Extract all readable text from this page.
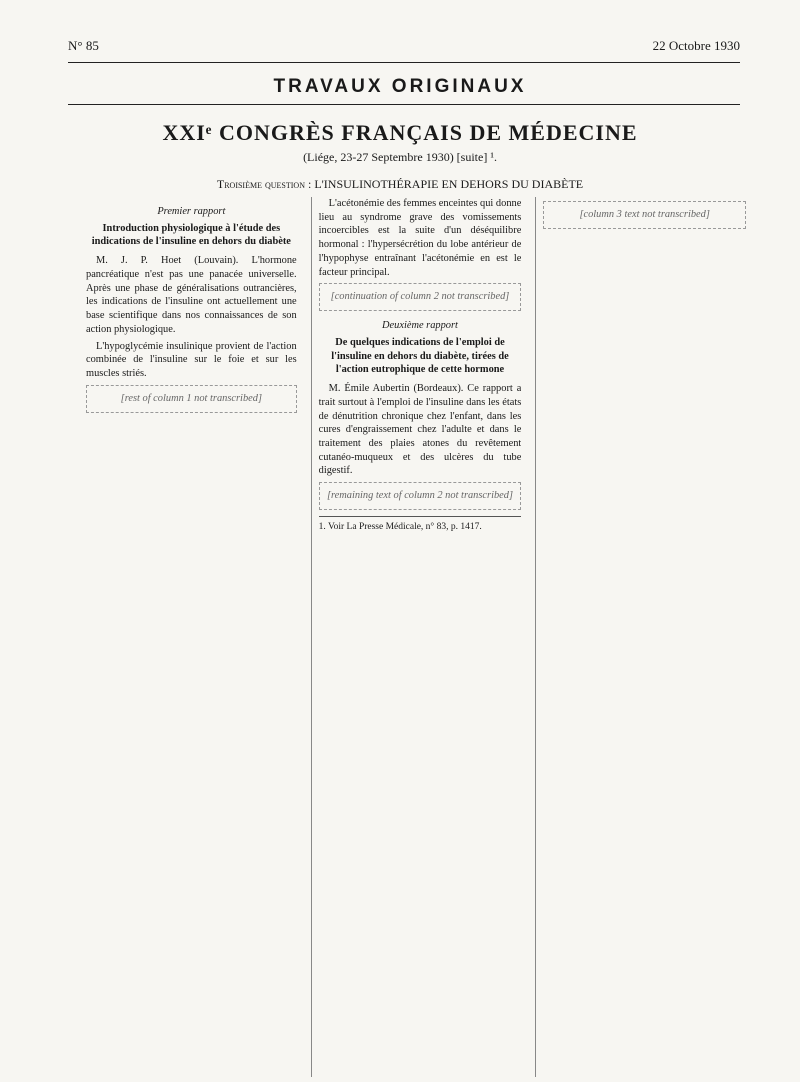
N° 85	22 Octobre 1930
TRAVAUX ORIGINAUX
XXIᵉ CONGRÈS FRANÇAIS DE MÉDECINE
(Liége, 23-27 Septembre 1930) [suite] ¹.
Troisième question : L'INSULINOTHÉRAPIE EN DEHORS DU DIABÈTE
Premier rapport
Introduction physiologique à l'étude des indications de l'insuline en dehors du diabète

M. J. P. Hoet (Louvain). L'hormone pancréatique n'est pas une panacée universelle. Après une phase de généralisations outrancières, les indications de l'insuline ont actuellement une base scientifique dans nos connaissances de son action physiologique.

L'hypoglycémie insulinique provient de l'action combinée de l'insuline sur le foie et sur les muscles striés.

[rest of column 1 not transcribed]

L'acétonémie des femmes enceintes qui donne lieu au syndrome grave des vomissements incoercibles est la suite d'un déséquilibre hormonal : l'hypersécrétion du lobe antérieur de l'hypophyse entraînant l'acétonémie en est le facteur principal.

[continuation of column 2 not transcribed]

Deuxième rapport
De quelques indications de l'emploi de l'insuline en dehors du diabète, tirées de l'action eutrophique de cette hormone

M. Émile Aubertin (Bordeaux). Ce rapport a trait surtout à l'emploi de l'insuline dans les états de dénutrition chronique chez l'enfant, dans les cures d'engraissement chez l'adulte et dans le traitement des plaies atones du revêtement cutanéo-muqueux et des ulcères du tube digestif.

[remaining text of column 2 not transcribed]

1. Voir La Presse Médicale, n° 83, p. 1417.

[column 3 text not transcribed]
